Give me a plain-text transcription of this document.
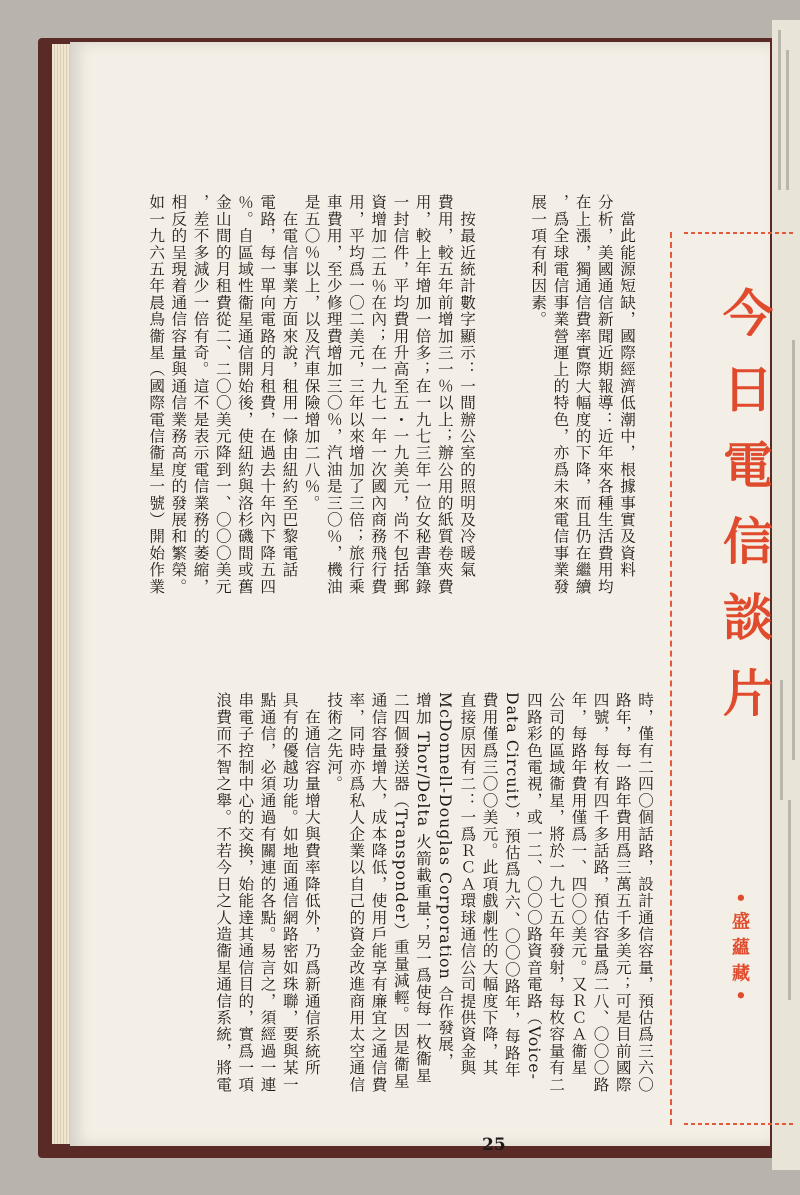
　當此能源短缺，國際經濟低潮中，根據事實及資料
分析，美國通信新聞近期報導：近年來各種生活費用均
在上漲，獨通信費率實際大幅度的下降，而且仍在繼續
，爲全球電信事業營運上的特色，亦爲未來電信事業發
展一項有利因素。
　按最近統計數字顯示：一間辦公室的照明及冷暖氣
費用，較五年前增加三一％以上；辦公用的紙質卷夾費
用，較上年增加一倍多；在一九七三年一位女秘書筆錄
一封信件，平均費用升高至五・一九美元，尚不包括郵
資增加二五％在內；在一九七一年一次國內商務飛行費
用，平均爲一〇二美元，三年以來增加了三倍；旅行乘
車費用，至少修理費增加三〇％，汽油是三〇％，機油
是五〇％以上，以及汽車保險增加二八％。
　在電信事業方面來說，租用一條由紐約至巴黎電話
電路，每一單向電路的月租費，在過去十年內下降五四
％。自區域性衞星通信開始後，使紐約與洛杉磯間或舊
金山間的月租費從二、二〇〇美元降到一、〇〇〇美元
，差不多減少一倍有奇。這不是表示電信業務的萎縮，
相反的呈現着通信容量與通信業務高度的發展和繁榮。
如一九六五年晨鳥衞星（國際電信衞星一號）開始作業
時，僅有二四〇個話路，設計通信容量，預估爲三六〇
路年，每一路年費用爲三萬五千多美元；可是目前國際
四號，每枚有四千多話路，預估容量爲二八、〇〇〇路
年，每路年費用僅爲一、四〇〇美元。又ＲＣＡ衞星
公司的區域衞星，將於一九七五年發射，每枚容量有二
四路彩色電視，或一二、〇〇〇路資音電路（Voice-
Data Circuit），預估爲九六、〇〇〇路年，每路年
費用僅爲三〇〇美元。此項戲劇性的大幅度下降，其
直接原因有二：一爲ＲＣＡ環球通信公司提供資金與
McDonnell-Douglas Corporation 合作發展，
增加 Thor/Delta 火箭載重量；另一爲使每一枚衞星
二四個發送器（Transponder）重量減輕。因是衞星
通信容量增大，成本降低，使用戶能享有廉宜之通信費
率，同時亦爲私人企業以自己的資金改進商用太空通信
技術之先河。
　在通信容量增大與費率降低外，乃爲新通信系統所
具有的優越功能。如地面通信網路密如珠聯，要與某一
點通信，必須通過有關連的各點。易言之，須經過一連
串電子控制中心的交換，始能達其通信目的，實爲一項
浪費而不智之舉。不若今日之人造衞星通信系統，將電
今日電信談片
•盛蘊藏•
25
